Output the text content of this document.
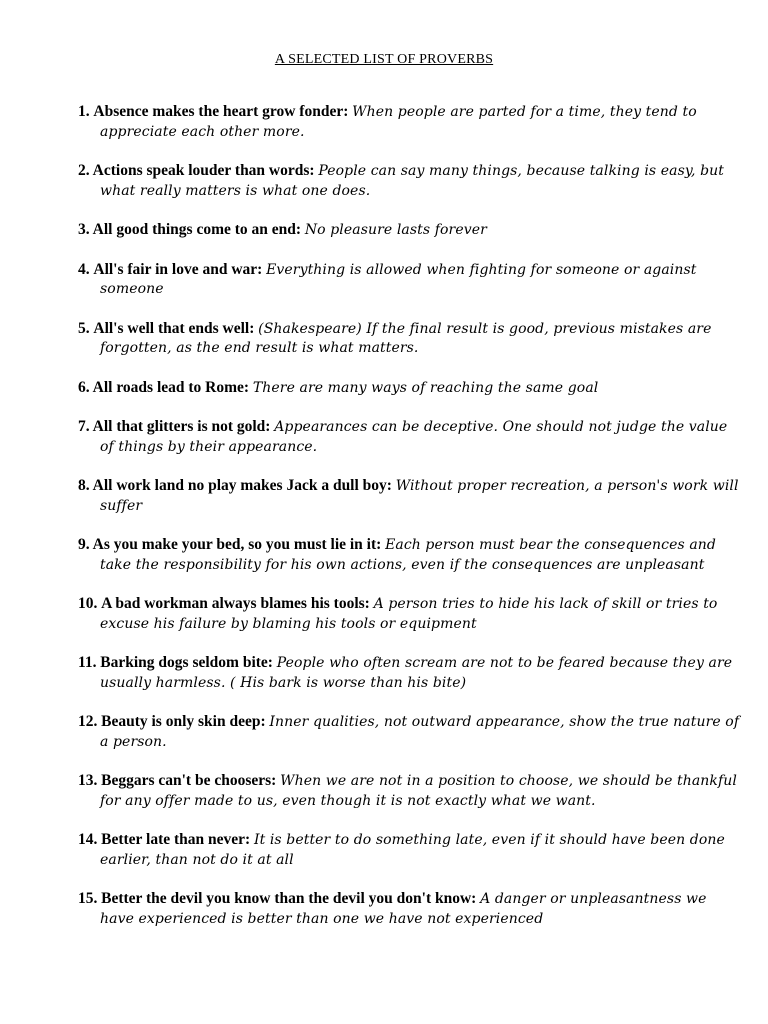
A SELECTED LIST OF PROVERBS
1. Absence makes the heart grow fonder: When people are parted for a time, they tend to appreciate each other more.
2. Actions speak louder than words: People can say many things, because talking is easy, but what really matters is what one does.
3. All good things come to an end: No pleasure lasts forever
4. All's fair in love and war: Everything is allowed when fighting for someone or against someone
5. All's well that ends well: (Shakespeare) If the final result is good, previous mistakes are forgotten, as the end result is what matters.
6. All roads lead to Rome: There are many ways of reaching the same goal
7. All that glitters is not gold: Appearances can be deceptive. One should not judge the value of things by their appearance.
8. All work land no play makes Jack a dull boy: Without proper recreation, a person's work will suffer
9. As you make your bed, so you must lie in it: Each person must bear the consequences and take the responsibility for his own actions, even if the consequences are unpleasant
10. A bad workman always blames his tools: A person tries to hide his lack of skill or tries to excuse his failure by blaming his tools or equipment
11. Barking dogs seldom bite: People who often scream are not to be feared because they are usually harmless. ( His bark is worse than his bite)
12. Beauty is only skin deep: Inner qualities, not outward appearance, show the true nature of a person.
13. Beggars can't be choosers: When we are not in a position to choose, we should be thankful for any offer made to us, even though it is not exactly what we want.
14. Better late than never: It is better to do something late, even if it should have been done earlier, than not do it at all
15. Better the devil you know than the devil you don't know: A danger or unpleasantness we have experienced is better than one we have not experienced
